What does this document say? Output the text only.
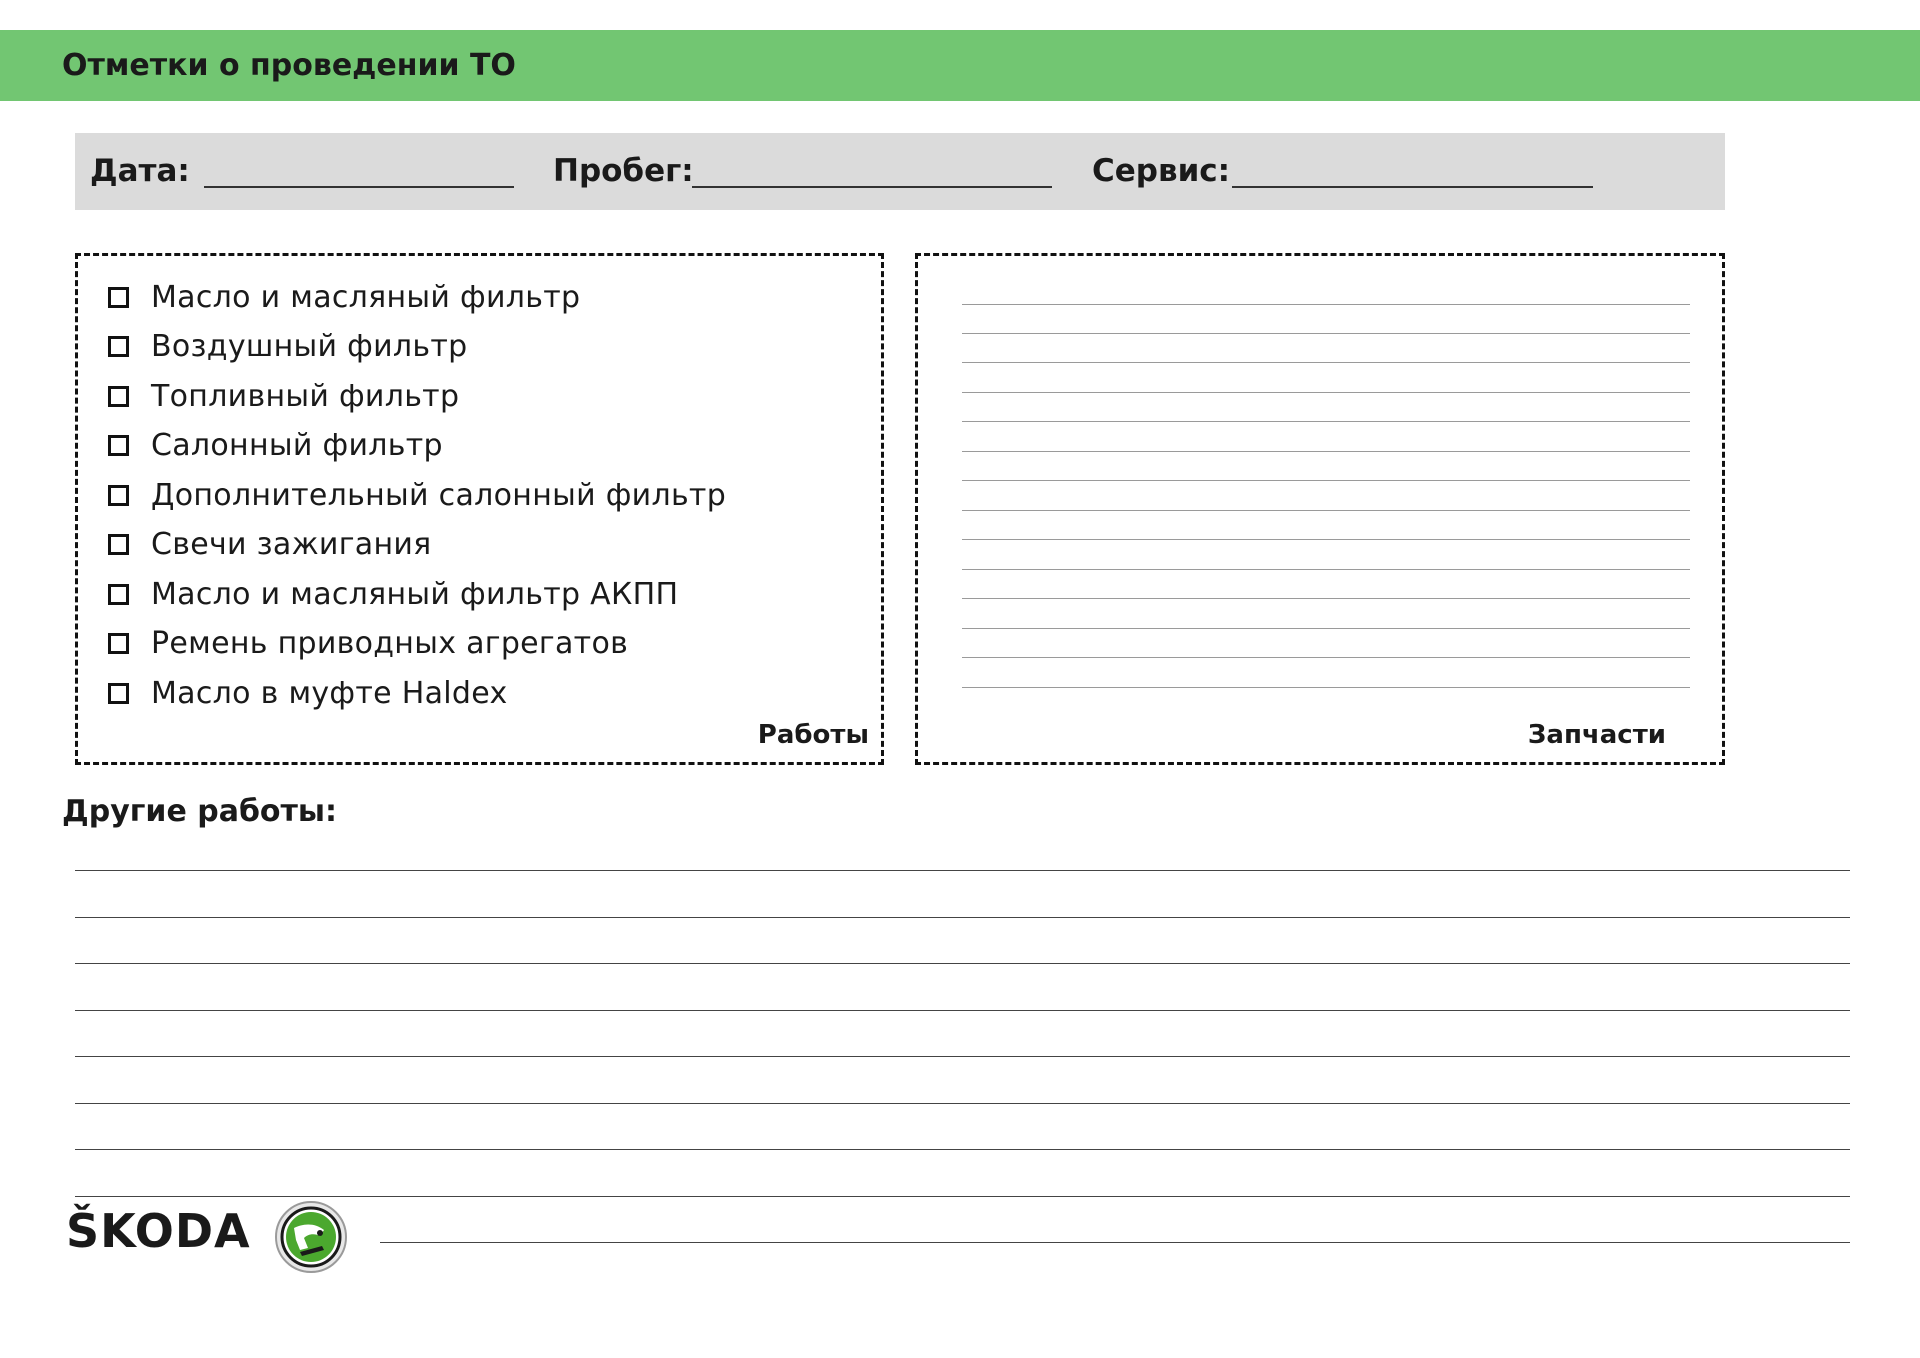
Отметки о проведении ТО
Дата:	Пробег:	Сервис:
Масло и масляный фильтр
Воздушный фильтр
Топливный фильтр
Салонный фильтр
Дополнительный салонный фильтр
Свечи зажигания
Масло и масляный фильтр АКПП
Ремень приводных агрегатов
Масло в муфте Haldex
Работы	Запчасти
Другие работы:
ŠKODA
